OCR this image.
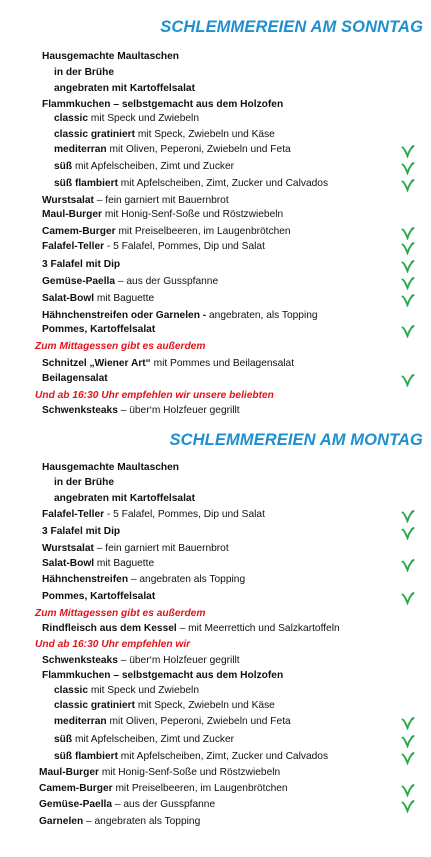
SCHLEMMEREIEN AM SONNTAG
Hausgemachte Maultaschen
in der Brühe
angebraten mit Kartoffelsalat
Flammkuchen – selbstgemacht aus dem Holzofen
classic mit Speck und Zwiebeln
classic gratiniert mit Speck, Zwiebeln und Käse
mediterran mit Oliven, Peperoni, Zwiebeln und Feta
süß mit Apfelscheiben, Zimt und Zucker
süß flambiert mit Apfelscheiben, Zimt, Zucker und Calvados
Wurstsalat – fein garniert mit Bauernbrot
Maul-Burger mit Honig-Senf-Soße und Röstzwiebeln
Camem-Burger mit Preiselbeeren, im Laugenbrötchen
Falafel-Teller - 5 Falafel, Pommes, Dip und Salat
3 Falafel mit Dip
Gemüse-Paella – aus der Gusspfanne
Salat-Bowl mit Baguette
Hähnchenstreifen oder Garnelen - angebraten, als Topping
Pommes, Kartoffelsalat
Zum Mittagessen gibt es außerdem
Schnitzel „Wiener Art“ mit Pommes und Beilagensalat
Beilagensalat
Und ab 16:30 Uhr empfehlen wir unsere beliebten
Schwenksteaks – über‘m Holzfeuer gegrillt
SCHLEMMEREIEN AM MONTAG
Hausgemachte Maultaschen
in der Brühe
angebraten mit Kartoffelsalat
Falafel-Teller - 5 Falafel, Pommes, Dip und Salat
3 Falafel mit Dip
Wurstsalat – fein garniert mit Bauernbrot
Salat-Bowl mit Baguette
Hähnchenstreifen – angebraten als Topping
Pommes, Kartoffelsalat
Zum Mittagessen gibt es außerdem
Rindfleisch aus dem Kessel – mit Meerrettich und Salzkartoffeln
Und ab 16:30 Uhr empfehlen wir
Schwenksteaks – über‘m Holzfeuer gegrillt
Flammkuchen – selbstgemacht aus dem Holzofen
classic mit Speck und Zwiebeln
classic gratiniert mit Speck, Zwiebeln und Käse
mediterran mit Oliven, Peperoni, Zwiebeln und Feta
süß mit Apfelscheiben, Zimt und Zucker
süß flambiert mit Apfelscheiben, Zimt, Zucker und Calvados
Maul-Burger mit Honig-Senf-Soße und Röstzwiebeln
Camem-Burger mit Preiselbeeren, im Laugenbrötchen
Gemüse-Paella – aus der Gusspfanne
Garnelen – angebraten als Topping
